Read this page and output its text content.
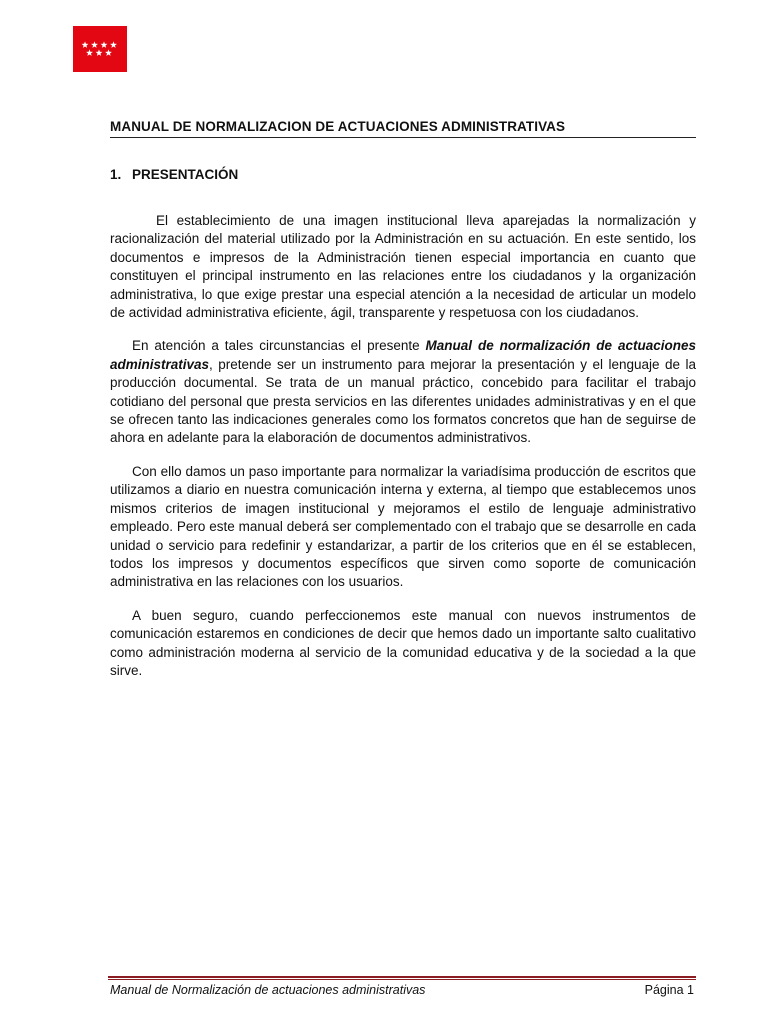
MANUAL DE NORMALIZACION DE ACTUACIONES ADMINISTRATIVAS
1. PRESENTACIÓN

El establecimiento de una imagen institucional lleva aparejadas la normalización y racionalización del material utilizado por la Administración en su actuación. En este sentido, los documentos e impresos de la Administración tienen especial importancia en cuanto que constituyen el principal instrumento en las relaciones entre los ciudadanos y la organización administrativa, lo que exige prestar una especial atención a la necesidad de articular un modelo de actividad administrativa eficiente, ágil, transparente y respetuosa con los ciudadanos.

En atención a tales circunstancias el presente Manual de normalización de actuaciones administrativas, pretende ser un instrumento para mejorar la presentación y el lenguaje de la producción documental. Se trata de un manual práctico, concebido para facilitar el trabajo cotidiano del personal que presta servicios en las diferentes unidades administrativas y en el que se ofrecen tanto las indicaciones generales como los formatos concretos que han de seguirse de ahora en adelante para la elaboración de documentos administrativos.

Con ello damos un paso importante para normalizar la variadísima producción de escritos que utilizamos a diario en nuestra comunicación interna y externa, al tiempo que establecemos unos mismos criterios de imagen institucional y mejoramos el estilo de lenguaje administrativo empleado. Pero este manual deberá ser complementado con el trabajo que se desarrolle en cada unidad o servicio para redefinir y estandarizar, a partir de los criterios que en él se establecen, todos los impresos y documentos específicos que sirven como soporte de comunicación administrativa en las relaciones con los usuarios.

A buen seguro, cuando perfeccionemos este manual con nuevos instrumentos de comunicación estaremos en condiciones de decir que hemos dado un importante salto cualitativo como administración moderna al servicio de la comunidad educativa y de la sociedad a la que sirve.

Manual de Normalización de actuaciones administrativas	Página 1
